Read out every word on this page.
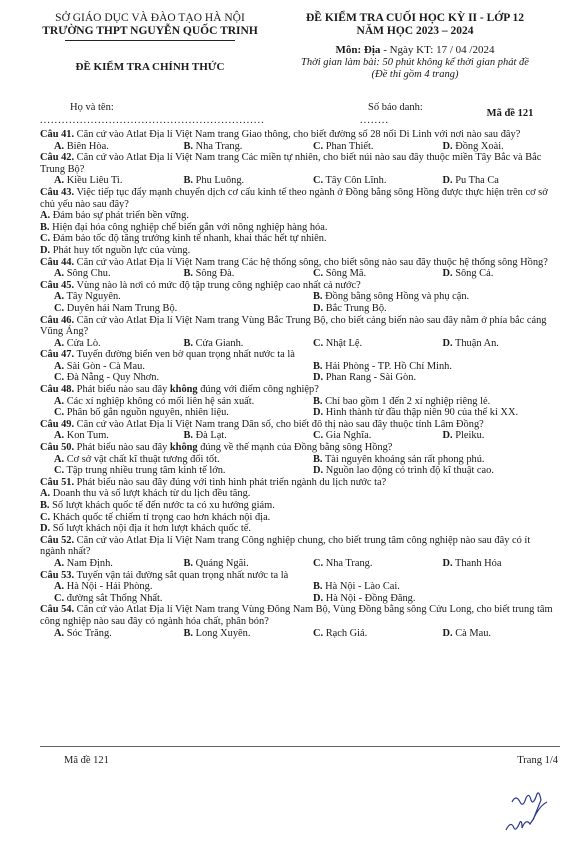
SỞ GIÁO DỤC VÀ ĐÀO TẠO HÀ NỘI
TRƯỜNG THPT NGUYỄN QUỐC TRINH
ĐỀ KIỂM TRA CHÍNH THỨC
ĐỀ KIỂM TRA CUỐI HỌC KỲ II - LỚP 12
NĂM HỌC 2023 – 2024
Môn: Địa - Ngày KT: 17 / 04 /2024
Thời gian làm bài: 50 phút không kể thời gian phát đề
(Đề thi gồm 4 trang)
Họ và tên:
..............................................................
Số báo danh:
........
Mã đề 121
Câu 41. Căn cứ vào Atlat Địa lí Việt Nam trang Giao thông, cho biết đường số 28 nối Di Linh với nơi nào sau đây?
A. Biên Hòa.	B. Nha Trang.	C. Phan Thiết.	D. Đồng Xoài.
Câu 42. Căn cứ vào Atlat Địa lí Việt Nam trang Các miền tự nhiên, cho biết núi nào sau đây thuộc miền Tây Bắc và Bắc Trung Bộ?
A. Kiều Liêu Ti.	B. Phu Luông.	C. Tây Côn Lĩnh.	D. Pu Tha Ca
Câu 43. Việc tiếp tục đẩy mạnh chuyển dịch cơ cấu kinh tế theo ngành ở Đồng bằng sông Hồng được thực hiện trên cơ sở chủ yếu nào sau đây?
A. Đảm bảo sự phát triển bền vững.
B. Hiện đại hóa công nghiệp chế biến gắn với nông nghiệp hàng hóa.
C. Đảm bảo tốc độ tăng trưởng kinh tế nhanh, khai thác hết tự nhiên.
D. Phát huy tốt nguồn lực của vùng.
Câu 44. Căn cứ vào Atlat Địa lí Việt Nam trang Các hệ thống sông, cho biết sông nào sau đây thuộc hệ thống sông Hồng?
A. Sông Chu.	B. Sông Đà.	C. Sông Mã.	D. Sông Cả.
Câu 45. Vùng nào là nơi có mức độ tập trung công nghiệp cao nhất cả nước?
A. Tây Nguyên.	B. Đồng bằng sông Hồng và phụ cận.
C. Duyên hải Nam Trung Bộ.	D. Bắc Trung Bộ.
Câu 46. Căn cứ vào Atlat Địa lí Việt Nam trang Vùng Bắc Trung Bộ, cho biết cảng biển nào sau đây nằm ở phía bắc cảng Vũng Áng?
A. Cửa Lò.	B. Cửa Gianh.	C. Nhật Lệ.	D. Thuận An.
Câu 47. Tuyến đường biển ven bờ quan trọng nhất nước ta là
A. Sài Gòn - Cà Mau.	B. Hải Phòng - TP. Hồ Chí Minh.
C. Đà Nẵng - Quy Nhơn.	D. Phan Rang - Sài Gòn.
Câu 48. Phát biểu nào sau đây không đúng với điểm công nghiệp?
A. Các xí nghiệp không có mối liên hệ sản xuất.	B. Chỉ bao gồm 1 đến 2 xí nghiệp riêng lẻ.
C. Phân bố gắn nguồn nguyên, nhiên liệu.	D. Hình thành từ đầu thập niên 90 của thế kỉ XX.
Câu 49. Căn cứ vào Atlat Địa lí Việt Nam trang Dân số, cho biết đô thị nào sau đây thuộc tỉnh Lâm Đồng?
A. Kon Tum.	B. Đà Lạt.	C. Gia Nghĩa.	D. Pleiku.
Câu 50. Phát biểu nào sau đây không đúng về thế mạnh của Đồng bằng sông Hồng?
A. Cơ sở vật chất kĩ thuật tương đối tốt.	B. Tài nguyên khoáng sản rất phong phú.
C. Tập trung nhiều trung tâm kinh tế lớn.	D. Nguồn lao động có trình độ kĩ thuật cao.
Câu 51. Phát biểu nào sau đây đúng với tình hình phát triển ngành du lịch nước ta?
A. Doanh thu và số lượt khách từ du lịch đều tăng.
B. Số lượt khách quốc tế đến nước ta có xu hướng giảm.
C. Khách quốc tế chiếm tỉ trọng cao hơn khách nội địa.
D. Số lượt khách nội địa ít hơn lượt khách quốc tế.
Câu 52. Căn cứ vào Atlat Địa lí Việt Nam trang Công nghiệp chung, cho biết trung tâm công nghiệp nào sau đây có ít ngành nhất?
A. Nam Định.	B. Quảng Ngãi.	C. Nha Trang.	D. Thanh Hóa
Câu 53. Tuyến vận tải đường sắt quan trọng nhất nước ta là
A. Hà Nội - Hải Phòng.	B. Hà Nội - Lào Cai.
C. đường sắt Thống Nhất.	D. Hà Nội - Đồng Đăng.
Câu 54. Căn cứ vào Atlat Địa lí Việt Nam trang Vùng Đông Nam Bộ, Vùng Đồng bằng sông Cửu Long, cho biết trung tâm công nghiệp nào sau đây có ngành hóa chất, phân bón?
A. Sóc Trăng.	B. Long Xuyên.	C. Rạch Giá.	D. Cà Mau.
Mã đề 121	Trang 1/4
